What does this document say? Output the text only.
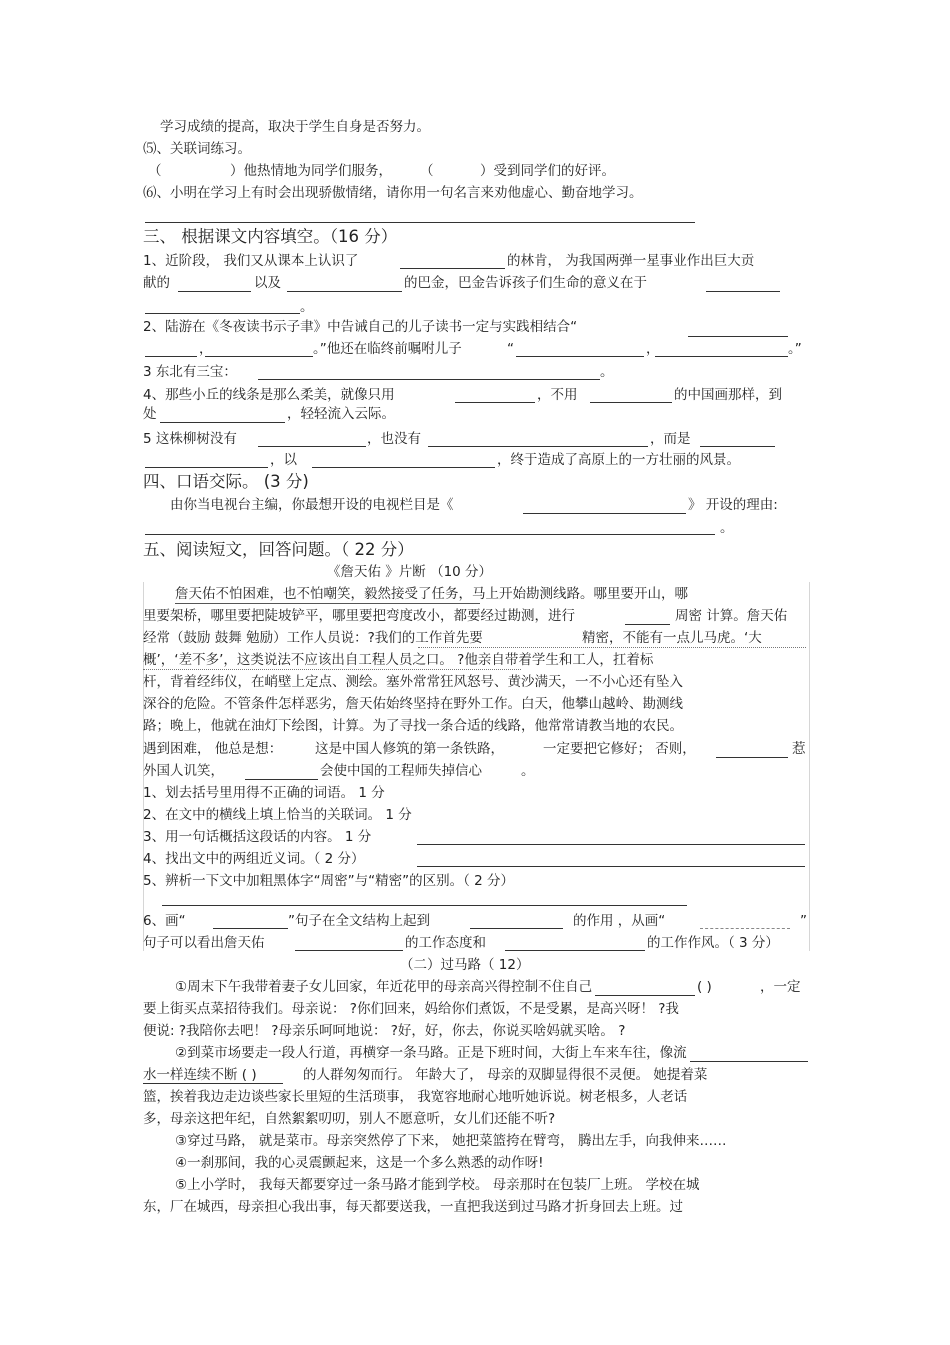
学习成绩的提高，取决于学生自身是否努力。
⑸、关联词练习。
（	）他热情地为同学们服务， （	）受到同学们的好评。
⑹、小明在学习上有时会出现骄傲情绪，请你用一句名言来劝他虚心、勤奋地学习。
三、 根据课文内容填空。（16 分）
1、近阶段， 我们又从课本上认识了	的林肯， 为我国两弹一星事业作出巨大贡
献的	以及	的巴金，巴金告诉孩子们生命的意义在于
。
2、陆游在《冬夜读书示子聿》中告诫自己的儿子读书一定与实践相结合“
，	。”他还在临终前嘱咐儿子	“	，	。”
3 东北有三宝：	。
4、那些小丘的线条是那么柔美，就像只用	，不用	的中国画那样，到
处	，轻轻流入云际。
5 这株柳树没有	，也没有	，而是
，以	，终于造成了高原上的一方壮丽的风景。
四、口语交际。 (3 分)
由你当电视台主编，你最想开设的电视栏目是《	》 开设的理由:
。
五、阅读短文，回答问题。（ 22 分）
《詹天佑 》片断 （10 分）
詹天佑不怕困难，也不怕嘲笑，毅然接受了任务，马上开始勘测线路。哪里要开山，哪
里要架桥，哪里要把陡坡铲平，哪里要把弯度改小，都要经过勘测，进行	周密 计算。詹天佑
经常（鼓励 鼓舞 勉励）工作人员说：?我们的工作首先要	精密，不能有一点儿马虎。‘大
概’，‘差不多’，这类说法不应该出自工程人员之口。 ?他亲自带着学生和工人，扛着标
杆，背着经纬仪，在峭壁上定点、测绘。塞外常常狂风怒号、黄沙满天，一不小心还有坠入
深谷的危险。不管条件怎样恶劣，詹天佑始终坚持在野外工作。白天，他攀山越岭、勘测线
路；晚上，他就在油灯下绘图，计算。为了寻找一条合适的线路，他常常请教当地的农民。
遇到困难， 他总是想： 这是中国人修筑的第一条铁路，	一定要把它修好； 否则，	惹
外国人讥笑，	会使中国的工程师失掉信心	。
1、划去括号里用得不正确的词语。 1 分
2、在文中的横线上填上恰当的关联词。 1 分
3、用一句话概括这段话的内容。 1 分
4、找出文中的两组近义词。（ 2 分）
5、辨析一下文中加粗黑体字“周密”与“精密”的区别。（ 2 分）
6、画“	”句子在全文结构上起到	的作用 ，从画“	”
句子可以看出詹天佑	的工作态度和	的工作作风。（ 3 分）
（二）过马路（ 12）
①周末下午我带着妻子女儿回家，年近花甲的母亲高兴得控制不住自己	( )	，一定
要上街买点菜招待我们。母亲说： ?你们回来，妈给你们煮饭，不是受累，是高兴呀！ ?我
便说: ?我陪你去吧！ ?母亲乐呵呵地说： ?好，好，你去，你说买啥妈就买啥。 ?
②到菜市场要走一段人行道，再横穿一条马路。正是下班时间，大街上车来车往，像流
水一样连续不断 ( )	的人群匆匆而行。 年龄大了， 母亲的双脚显得很不灵便。 她提着菜
篮，挨着我边走边谈些家长里短的生活琐事， 我宽容地耐心地听她诉说。树老根多，人老话
多，母亲这把年纪，自然絮絮叨叨，别人不愿意听，女儿们还能不听?
③穿过马路， 就是菜市。母亲突然停了下来， 她把菜篮挎在臂弯， 腾出左手，向我伸来……
④一刹那间，我的心灵震颤起来，这是一个多么熟悉的动作呀!
⑤上小学时， 我每天都要穿过一条马路才能到学校。 母亲那时在包装厂上班。 学校在城
东，厂在城西，母亲担心我出事，每天都要送我，一直把我送到过马路才折身回去上班。过
